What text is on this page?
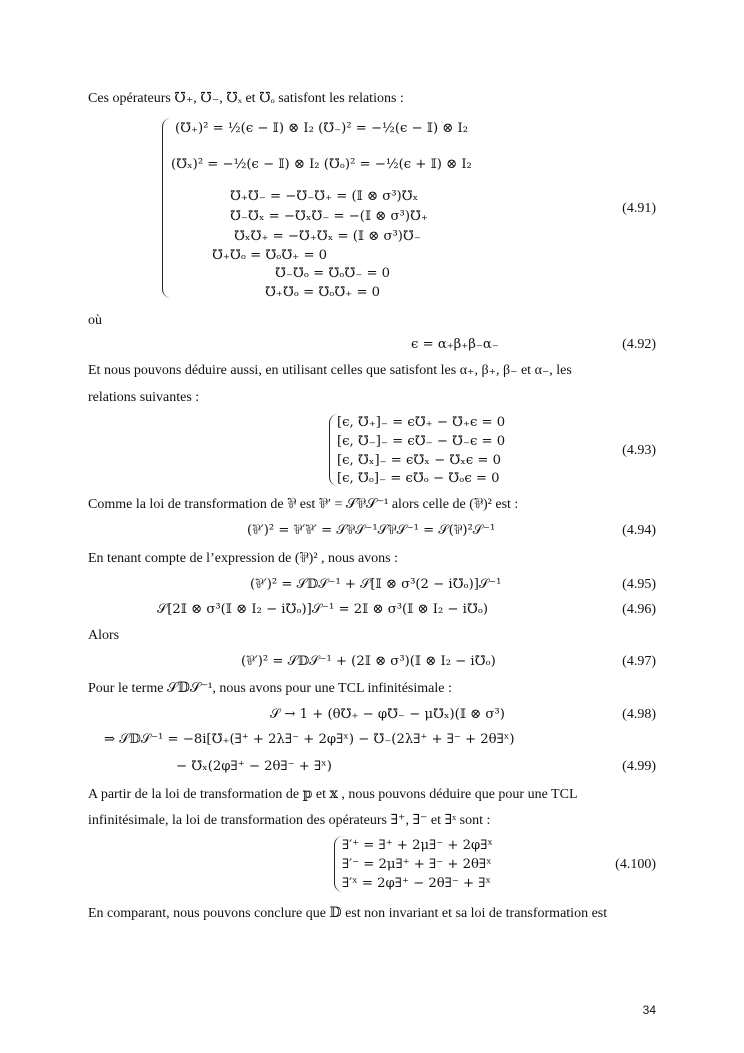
Ces opérateurs ℧₊, ℧₋, ℧ₓ et ℧ₒ satisfont les relations :
(℧₊)² = ½(ϵ − 𝕀) ⊗ I₂ (℧₋)² = −½(ϵ − 𝕀) ⊗ I₂
(℧ₓ)² = −½(ϵ − 𝕀) ⊗ I₂ (℧ₒ)² = −½(ϵ + 𝕀) ⊗ I₂
℧₊℧₋ = −℧₋℧₊ = (𝕀 ⊗ σ³)℧ₓ
℧₋℧ₓ = −℧ₓ℧₋ = −(𝕀 ⊗ σ³)℧₊
℧ₓ℧₊ = −℧₊℧ₓ = (𝕀 ⊗ σ³)℧₋
℧₊℧ₒ = ℧ₒ℧₊ = 0
℧₋℧ₒ = ℧ₒ℧₋ = 0
℧₊℧ₒ = ℧ₒ℧₊ = 0
(4.91)
où
ϵ = α₊β₊β₋α₋	(4.92)
Et nous pouvons déduire aussi, en utilisant celles que satisfont les α₊, β₊, β₋ et α₋, les
relations suivantes :
[ϵ, ℧₊]₋ = ϵ℧₊ − ℧₊ϵ = 0
[ϵ, ℧₋]₋ = ϵ℧₋ − ℧₋ϵ = 0
[ϵ, ℧ₓ]₋ = ϵ℧ₓ − ℧ₓϵ = 0
[ϵ, ℧ₒ]₋ = ϵ℧ₒ − ℧ₒϵ = 0
(4.93)
Comme la loi de transformation de ⅌ est ⅌′ = 𝒮⅌𝒮⁻¹ alors celle de (⅌)² est :
(⅌′)² = ⅌′⅌′ = 𝒮⅌𝒮⁻¹𝒮⅌𝒮⁻¹ = 𝒮(⅌)²𝒮⁻¹	(4.94)
En tenant compte de l’expression de (⅌)² , nous avons :
(⅌′)² = 𝒮𝔻𝒮⁻¹ + 𝒮[𝕀 ⊗ σ³(2 − i℧ₒ)]𝒮⁻¹	(4.95)
𝒮[2𝕀 ⊗ σ³(𝕀 ⊗ I₂ − i℧ₒ)]𝒮⁻¹ = 2𝕀 ⊗ σ³(𝕀 ⊗ I₂ − i℧ₒ)	(4.96)
Alors
(⅌′)² = 𝒮𝔻𝒮⁻¹ + (2𝕀 ⊗ σ³)(𝕀 ⊗ I₂ − i℧ₒ)	(4.97)
Pour le terme 𝒮𝔻𝒮⁻¹, nous avons pour une TCL infinitésimale :
𝒮 → 1 + (θ℧₊ − φ℧₋ − μ℧ₓ)(𝕀 ⊗ σ³)	(4.98)
⇒ 𝒮𝔻𝒮⁻¹ = −8i[℧₊(∃⁺ + 2λ∃⁻ + 2φ∃ˣ) − ℧₋(2λ∃⁺ + ∃⁻ + 2θ∃ˣ)
− ℧ₓ(2φ∃⁺ − 2θ∃⁻ + ∃ˣ)	(4.99)
A partir de la loi de transformation de 𝕡 et 𝕩 , nous pouvons déduire que pour une TCL
infinitésimale, la loi de transformation des opérateurs ∃⁺, ∃⁻ et ∃ˣ sont :
∃′⁺ = ∃⁺ + 2μ∃⁻ + 2φ∃ˣ
∃′⁻ = 2μ∃⁺ + ∃⁻ + 2θ∃ˣ
∃′ˣ = 2φ∃⁺ − 2θ∃⁻ + ∃ˣ
(4.100)
En comparant, nous pouvons conclure que 𝔻 est non invariant et sa loi de transformation est
34
